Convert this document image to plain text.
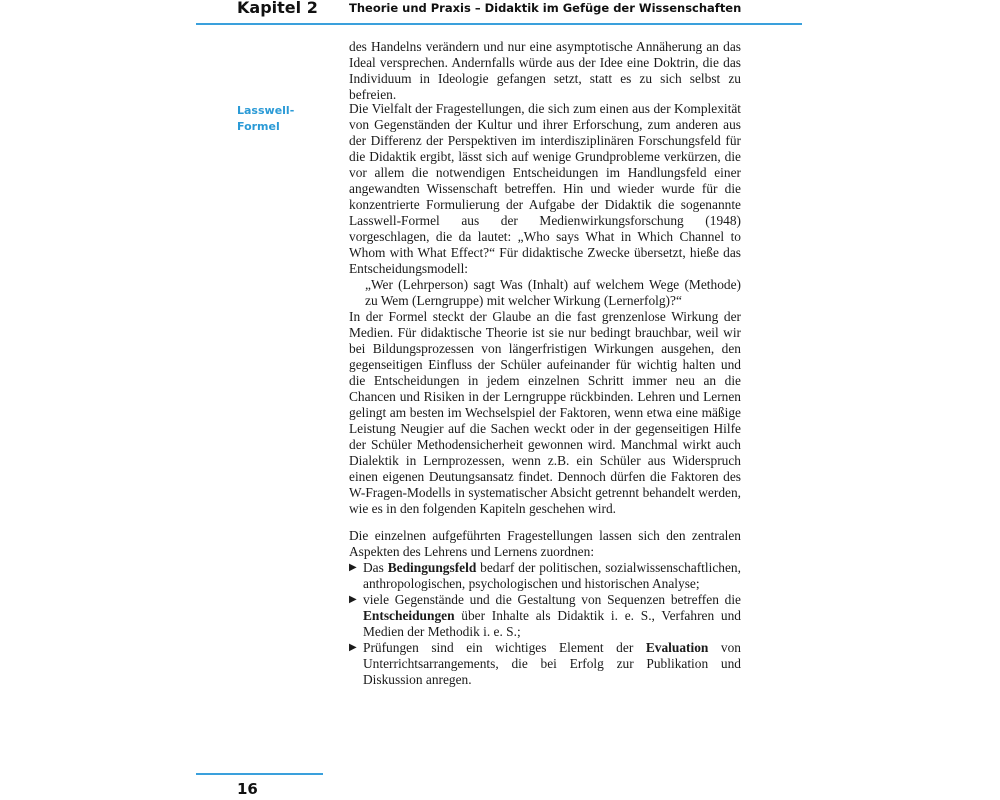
Kapitel 2	Theorie und Praxis – Didaktik im Gefüge der Wissenschaften
Lasswell-
Formel

des Handelns verändern und nur eine asymptotische Annäherung an das Ideal versprechen. Andernfalls würde aus der Idee eine Doktrin, die das Individuum in Ideologie gefangen setzt, statt es zu sich selbst zu befreien.

Die Vielfalt der Fragestellungen, die sich zum einen aus der Komplexität von Gegenständen der Kultur und ihrer Erforschung, zum anderen aus der Differenz der Perspektiven im interdisziplinären Forschungsfeld für die Didaktik ergibt, lässt sich auf wenige Grundprobleme verkürzen, die vor allem die notwendigen Entscheidungen im Handlungsfeld einer angewandten Wissenschaft betreffen. Hin und wieder wurde für die konzentrierte Formulierung der Aufgabe der Didaktik die sogenannte Lasswell-Formel aus der Medienwirkungsforschung (1948) vorgeschlagen, die da lautet: „Who says What in Which Channel to Whom with What Effect?“ Für didaktische Zwecke übersetzt, hieße das Entscheidungsmodell:

„Wer (Lehrperson) sagt Was (Inhalt) auf welchem Wege (Methode) zu Wem (Lerngruppe) mit welcher Wirkung (Lernerfolg)?“

In der Formel steckt der Glaube an die fast grenzenlose Wirkung der Medien. Für didaktische Theorie ist sie nur bedingt brauchbar, weil wir bei Bildungsprozessen von längerfristigen Wirkungen ausgehen, den gegenseitigen Einfluss der Schüler aufeinander für wichtig halten und die Entscheidungen in jedem einzelnen Schritt immer neu an die Chancen und Risiken in der Lerngruppe rückbinden. Lehren und Lernen gelingt am besten im Wechselspiel der Faktoren, wenn etwa eine mäßige Leistung Neugier auf die Sachen weckt oder in der gegenseitigen Hilfe der Schüler Methodensicherheit gewonnen wird. Manchmal wirkt auch Dialektik in Lernprozessen, wenn z.B. ein Schüler aus Widerspruch einen eigenen Deutungsansatz findet. Dennoch dürfen die Faktoren des W-Fragen-Modells in systematischer Absicht getrennt behandelt werden, wie es in den folgenden Kapiteln geschehen wird.

Die einzelnen aufgeführten Fragestellungen lassen sich den zentralen Aspekten des Lehrens und Lernens zuordnen:

▶ Das Bedingungsfeld bedarf der politischen, sozialwissenschaftlichen, anthropologischen, psychologischen und historischen Analyse;
▶ viele Gegenstände und die Gestaltung von Sequenzen betreffen die Entscheidungen über Inhalte als Didaktik i. e. S., Verfahren und Medien der Methodik i. e. S.;
▶ Prüfungen sind ein wichtiges Element der Evaluation von Unterrichtsarrangements, die bei Erfolg zur Publikation und Diskussion anregen.
16
